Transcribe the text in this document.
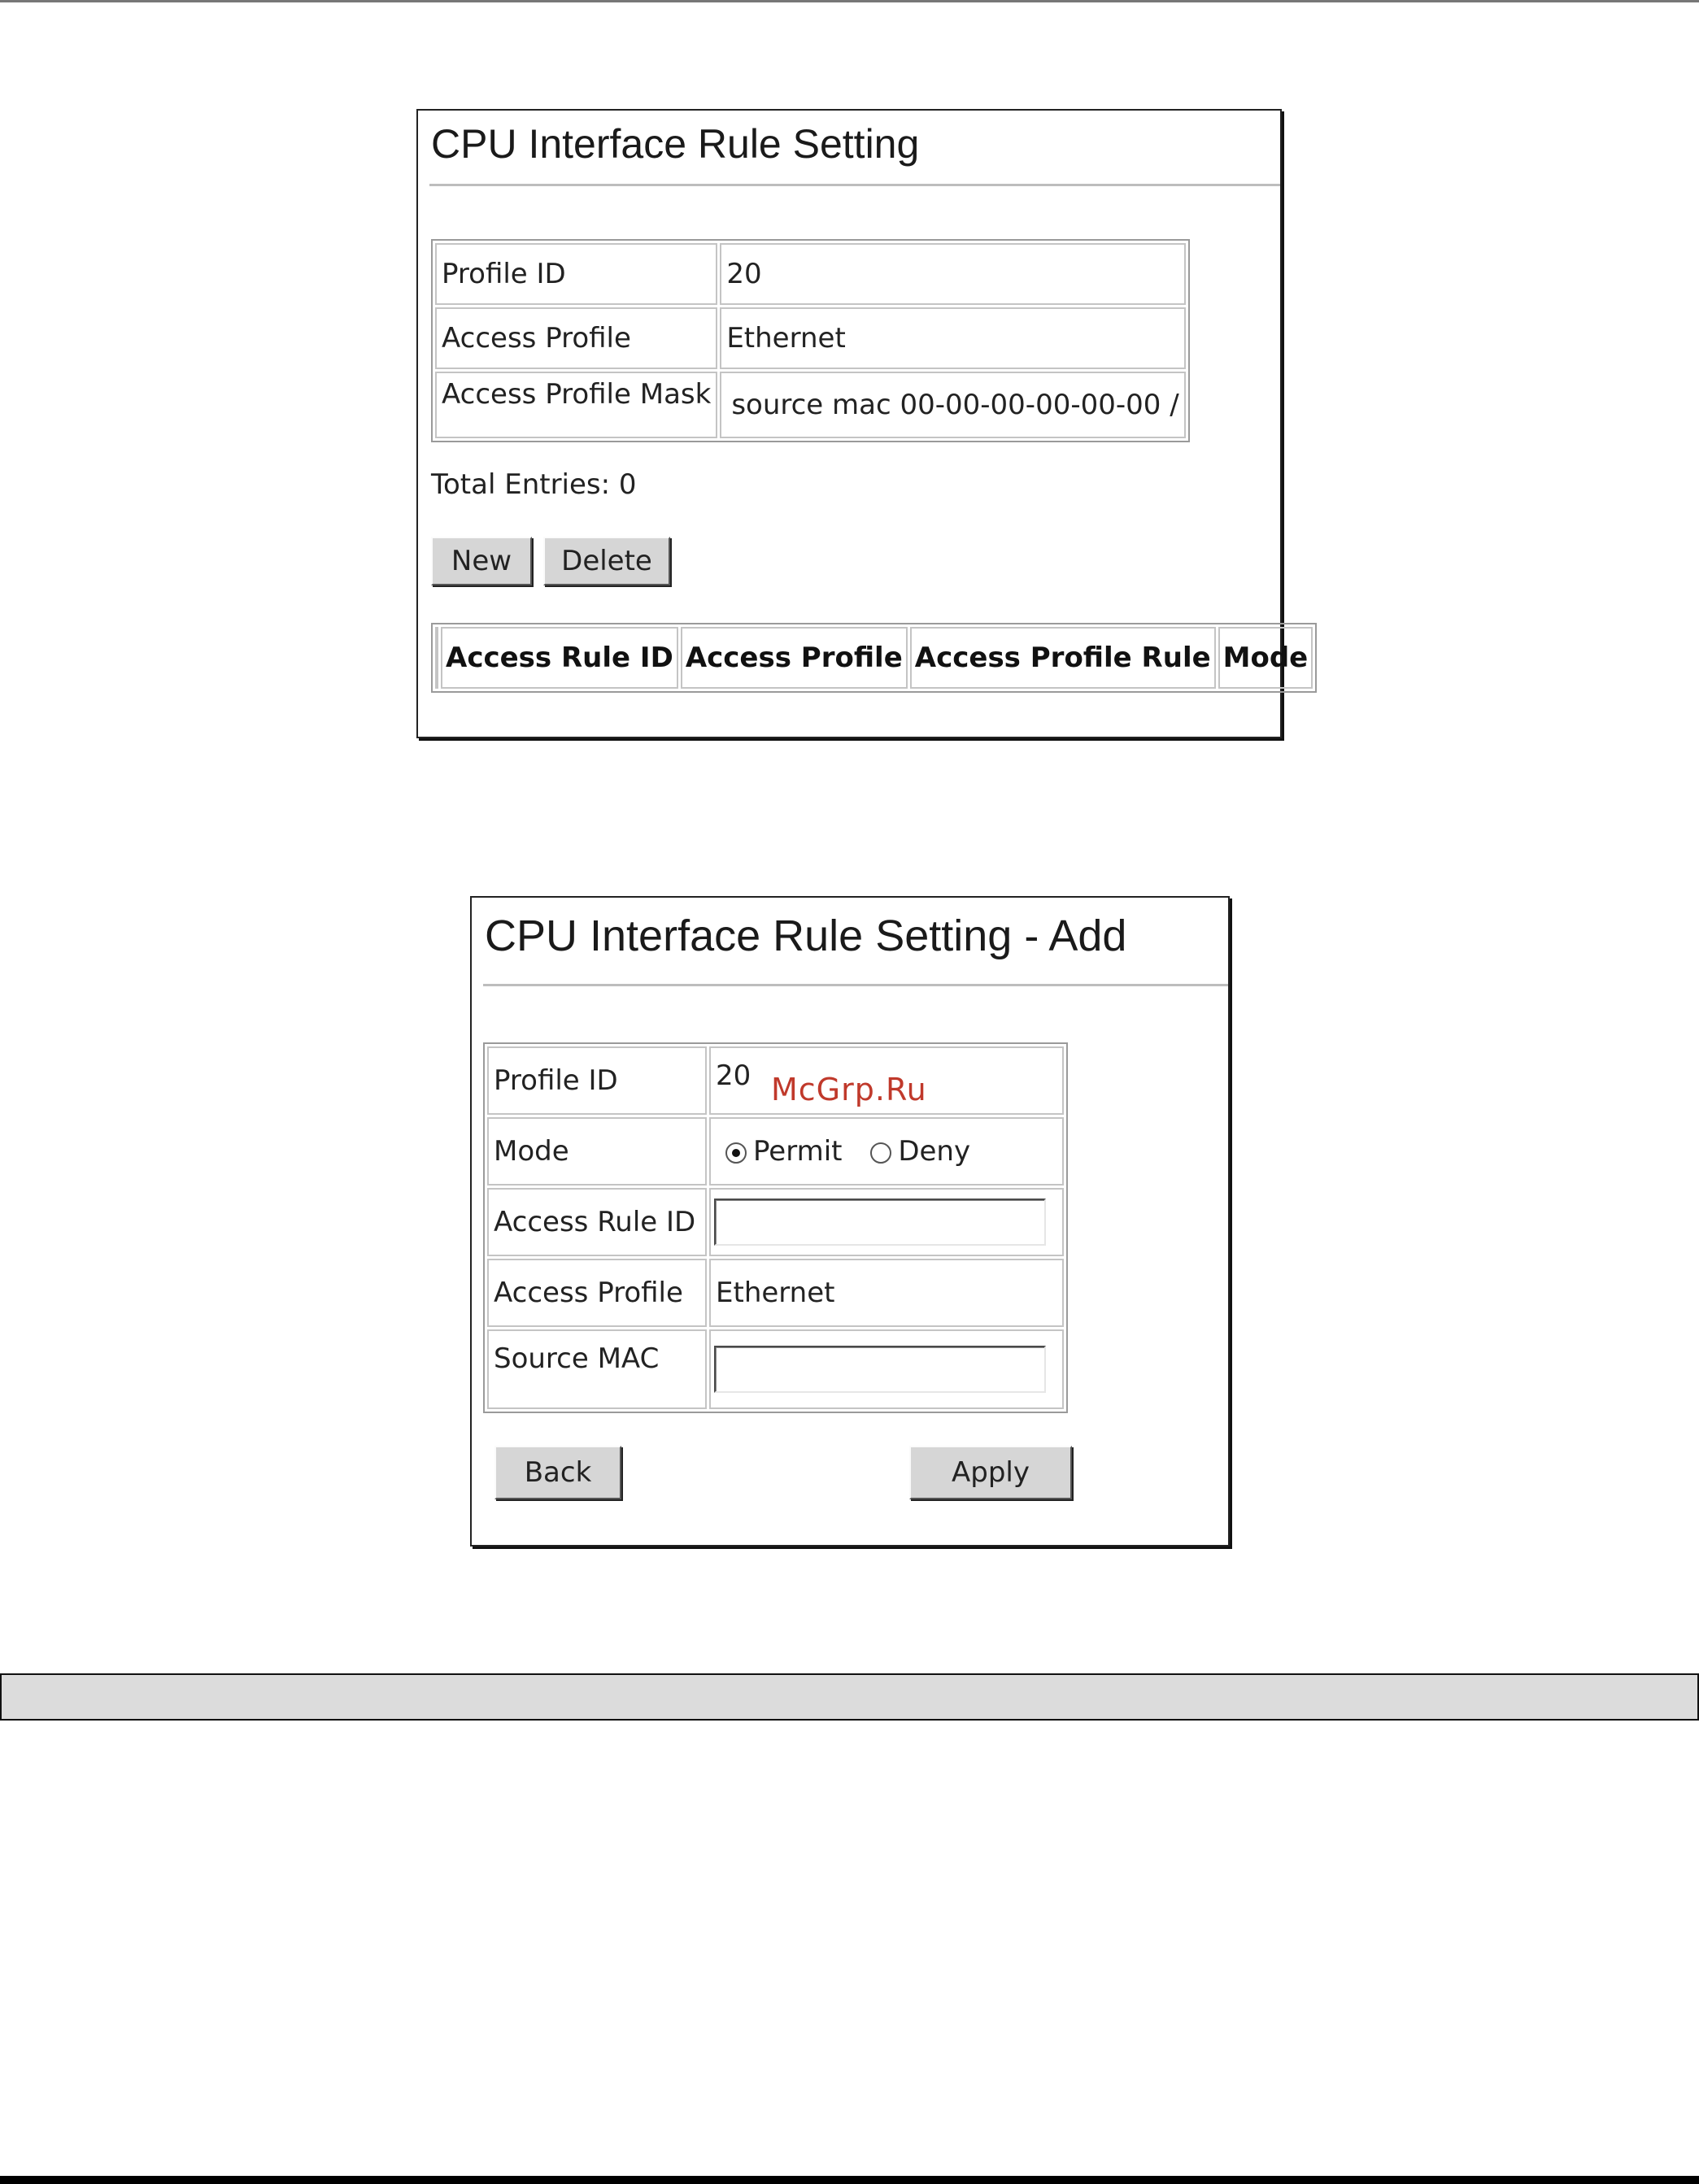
CPU Interface Rule Setting
Profile ID	20
Access Profile	Ethernet
Access Profile Mask	source mac 00-00-00-00-00-00 /
Total Entries: 0
New	Delete
	Access Rule ID	Access Profile	Access Profile Rule	Mode
CPU Interface Rule Setting - Add
Profile ID	20
Mode	Permit Deny
Access Rule ID	
Access Profile	Ethernet
Source MAC	
Back	Apply
McGrp.Ru
